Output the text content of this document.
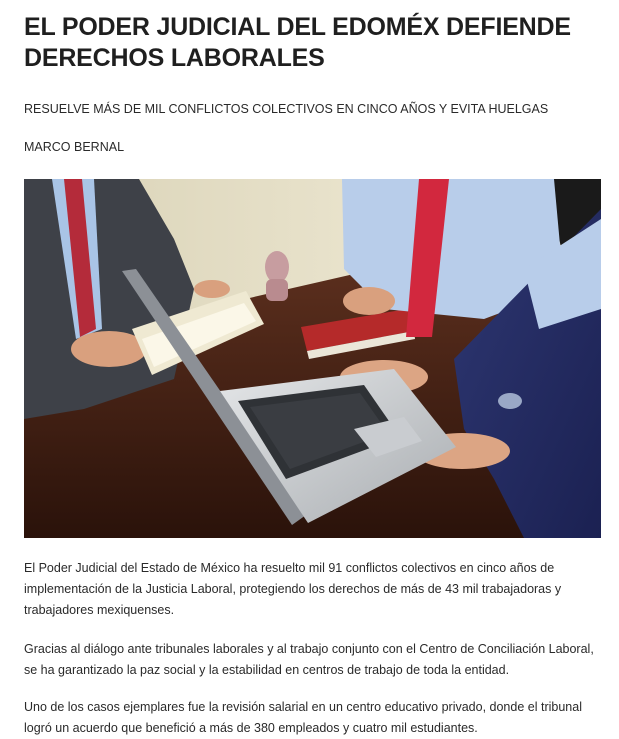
EL PODER JUDICIAL DEL EDOMÉX DEFIENDE DERECHOS LABORALES

RESUELVE MÁS DE MIL CONFLICTOS COLECTIVOS EN CINCO AÑOS Y EVITA HUELGAS

MARCO BERNAL

El Poder Judicial del Estado de México ha resuelto mil 91 conflictos colectivos en cinco años de implementación de la Justicia Laboral, protegiendo los derechos de más de 43 mil trabajadoras y trabajadores mexiquenses.

Gracias al diálogo ante tribunales laborales y al trabajo conjunto con el Centro de Conciliación Laboral, se ha garantizado la paz social y la estabilidad en centros de trabajo de toda la entidad.

Uno de los casos ejemplares fue la revisión salarial en un centro educativo privado, donde el tribunal logró un acuerdo que benefició a más de 380 empleados y cuatro mil estudiantes.
